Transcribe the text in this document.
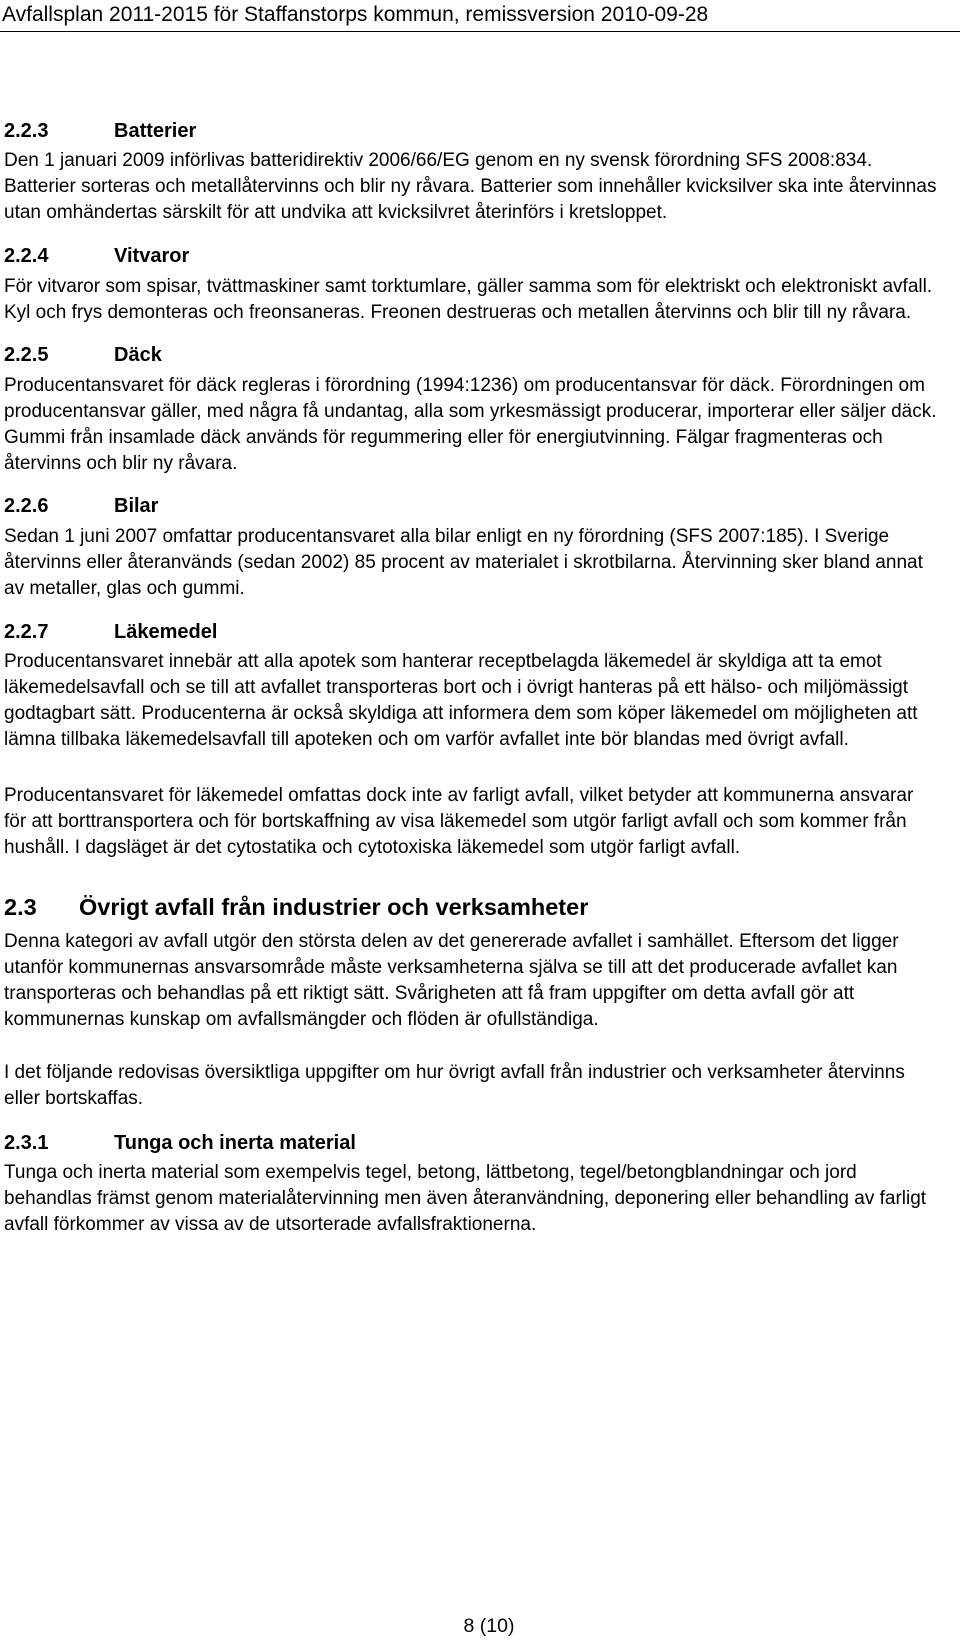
Avfallsplan 2011-2015 för Staffanstorps kommun, remissversion 2010-09-28
2.2.3	Batterier

Den 1 januari 2009 införlivas batteridirektiv 2006/66/EG genom en ny svensk förordning SFS 2008:834. Batterier sorteras och metallåtervinns och blir ny råvara. Batterier som innehåller kvicksilver ska inte återvinnas utan omhändertas särskilt för att undvika att kvicksilvret återinförs i kretsloppet.

2.2.4	Vitvaror

För vitvaror som spisar, tvättmaskiner samt torktumlare, gäller samma som för elektriskt och elektroniskt avfall. Kyl och frys demonteras och freonsaneras. Freonen destrueras och metallen återvinns och blir till ny råvara.

2.2.5	Däck

Producentansvaret för däck regleras i förordning (1994:1236) om producentansvar för däck. Förordningen om producentansvar gäller, med några få undantag, alla som yrkesmässigt producerar, importerar eller säljer däck. Gummi från insamlade däck används för regummering eller för energiutvinning. Fälgar fragmenteras och återvinns och blir ny råvara.

2.2.6	Bilar

Sedan 1 juni 2007 omfattar producentansvaret alla bilar enligt en ny förordning (SFS 2007:185). I Sverige återvinns eller återanvänds (sedan 2002) 85 procent av materialet i skrotbilarna. Återvinning sker bland annat av metaller, glas och gummi.

2.2.7	Läkemedel

Producentansvaret innebär att alla apotek som hanterar receptbelagda läkemedel är skyldiga att ta emot läkemedelsavfall och se till att avfallet transporteras bort och i övrigt hanteras på ett hälso- och miljömässigt godtagbart sätt. Producenterna är också skyldiga att informera dem som köper läkemedel om möjligheten att lämna tillbaka läkemedelsavfall till apoteken och om varför avfallet inte bör blandas med övrigt avfall.

Producentansvaret för läkemedel omfattas dock inte av farligt avfall, vilket betyder att kommunerna ansvarar för att borttransportera och för bortskaffning av visa läkemedel som utgör farligt avfall och som kommer från hushåll. I dagsläget är det cytostatika och cytotoxiska läkemedel som utgör farligt avfall.

2.3 Övrigt avfall från industrier och verksamheter

Denna kategori av avfall utgör den största delen av det genererade avfallet i samhället. Eftersom det ligger utanför kommunernas ansvarsområde måste verksamheterna själva se till att det producerade avfallet kan transporteras och behandlas på ett riktigt sätt. Svårigheten att få fram uppgifter om detta avfall gör att kommunernas kunskap om avfallsmängder och flöden är ofullständiga.

I det följande redovisas översiktliga uppgifter om hur övrigt avfall från industrier och verksamheter återvinns eller bortskaffas.

2.3.1	Tunga och inerta material

Tunga och inerta material som exempelvis tegel, betong, lättbetong, tegel/betongblandningar och jord behandlas främst genom materialåtervinning men även återanvändning, deponering eller behandling av farligt avfall förkommer av vissa av de utsorterade avfallsfraktionerna.

8 (10)
